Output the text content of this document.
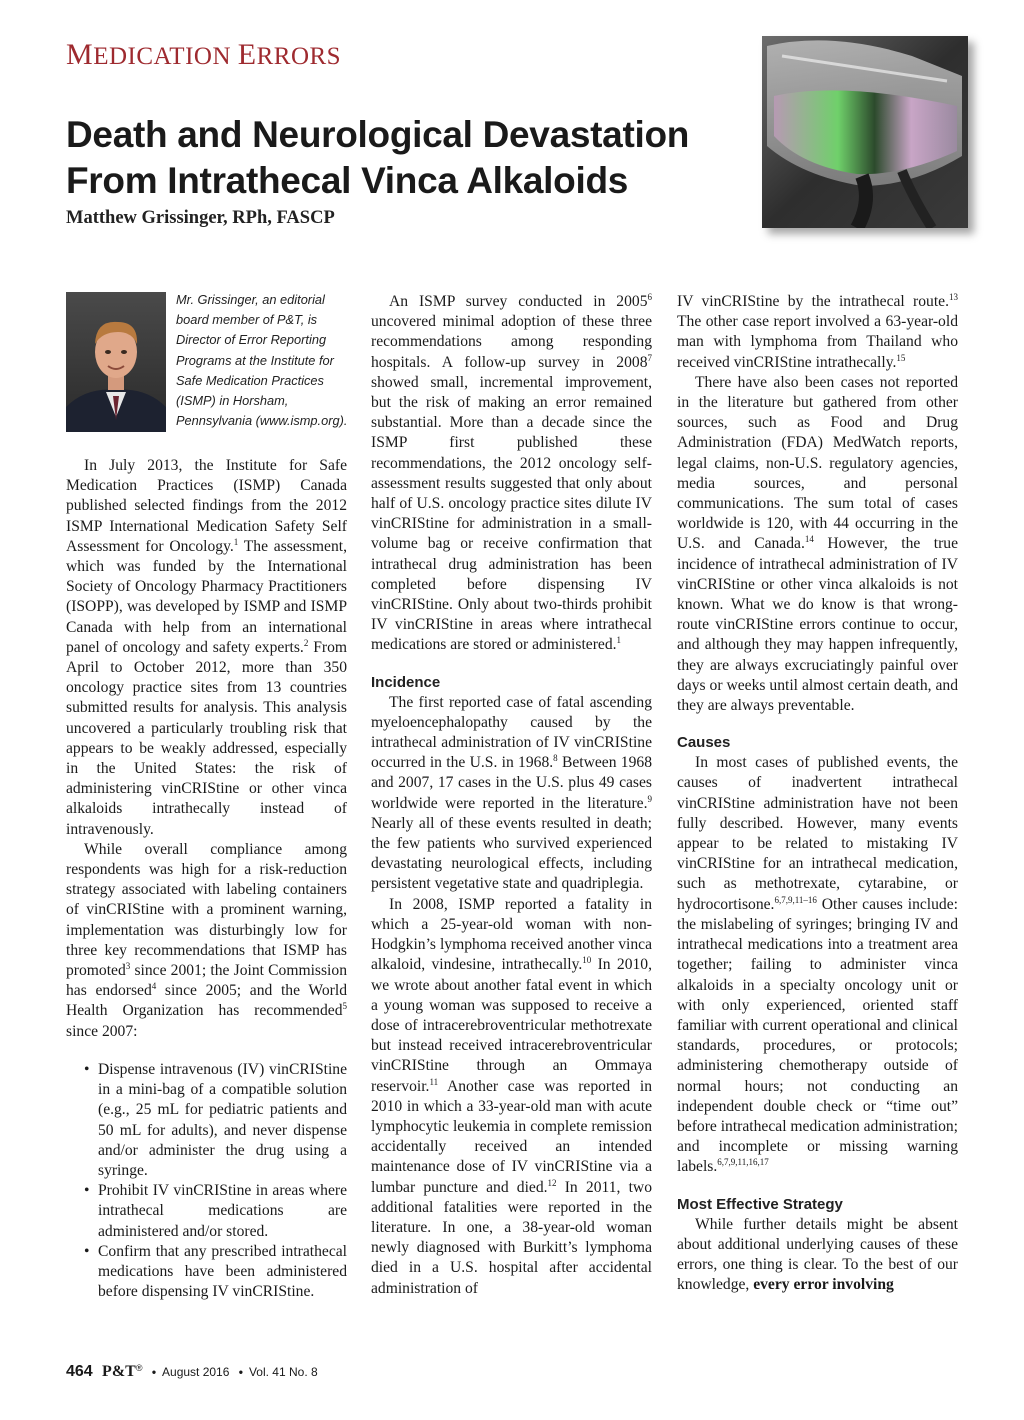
MEDICATION ERRORS
Death and Neurological Devastation
From Intrathecal Vinca Alkaloids
Matthew Grissinger, RPh, FASCP
Mr. Grissinger, an editorial board member of P&T, is Director of Error Reporting Programs at the Institute for Safe Medication Practices (ISMP) in Horsham, Pennsylvania (www.ismp.org).

In July 2013, the Institute for Safe Medication Practices (ISMP) Canada published selected findings from the 2012 ISMP International Medication Safety Self Assessment for Oncology.$^1$ The assessment, which was funded by the International Society of Oncology Pharmacy Practitioners (ISOPP), was developed by ISMP and ISMP Canada with help from an international panel of oncology and safety experts.$^2$ From April to October 2012, more than 350 oncology practice sites from 13 countries submitted results for analysis. This analysis uncovered a particularly troubling risk that appears to be weakly addressed, especially in the United States: the risk of administering vinCRIStine or other vinca alkaloids intrathecally instead of intravenously.

While overall compliance among respondents was high for a risk-reduction strategy associated with labeling containers of vinCRIStine with a prominent warning, implementation was disturbingly low for three key recommendations that ISMP has promoted$^3$ since 2001; the Joint Commission has endorsed$^4$ since 2005; and the World Health Organization has recommended$^5$ since 2007:

• Dispense intravenous (IV) vinCRIStine in a mini-bag of a compatible solution (e.g., 25 mL for pediatric patients and 50 mL for adults), and never dispense and/or administer the drug using a syringe.
• Prohibit IV vinCRIStine in areas where intrathecal medications are administered and/or stored.
• Confirm that any prescribed intrathecal medications have been administered before dispensing IV vinCRIStine.

An ISMP survey conducted in 2005$^6$ uncovered minimal adoption of these three recommendations among responding hospitals. A follow-up survey in 2008$^7$ showed small, incremental improvement, but the risk of making an error remained substantial. More than a decade since the ISMP first published these recommendations, the 2012 oncology self-assessment results suggested that only about half of U.S. oncology practice sites dilute IV vinCRIStine for administration in a small-volume bag or receive confirmation that intrathecal drug administration has been completed before dispensing IV vinCRIStine. Only about two-thirds prohibit IV vinCRIStine in areas where intrathecal medications are stored or administered.$^1$

Incidence

The first reported case of fatal ascending myeloencephalopathy caused by the intrathecal administration of IV vinCRIStine occurred in the U.S. in 1968.$^8$ Between 1968 and 2007, 17 cases in the U.S. plus 49 cases worldwide were reported in the literature.$^9$ Nearly all of these events resulted in death; the few patients who survived experienced devastating neurological effects, including persistent vegetative state and quadriplegia.

In 2008, ISMP reported a fatality in which a 25-year-old woman with non-Hodgkin’s lymphoma received another vinca alkaloid, vindesine, intrathecally.$^{10}$ In 2010, we wrote about another fatal event in which a young woman was supposed to receive a dose of intracerebroventricular methotrexate but instead received intracerebroventricular vinCRIStine through an Ommaya reservoir.$^{11}$ Another case was reported in 2010 in which a 33-year-old man with acute lymphocytic leukemia in complete remission accidentally received an intended maintenance dose of IV vinCRIStine via a lumbar puncture and died.$^{12}$ In 2011, two additional fatalities were reported in the literature. In one, a 38-year-old woman newly diagnosed with Burkitt’s lymphoma died in a U.S. hospital after accidental administration of

IV vinCRIStine by the intrathecal route.$^{13}$ The other case report involved a 63-year-old man with lymphoma from Thailand who received vinCRIStine intrathecally.$^{15}$

There have also been cases not reported in the literature but gathered from other sources, such as Food and Drug Administration (FDA) MedWatch reports, legal claims, non-U.S. regulatory agencies, media sources, and personal communications. The sum total of cases worldwide is 120, with 44 occurring in the U.S. and Canada.$^{14}$ However, the true incidence of intrathecal administration of IV vinCRIStine or other vinca alkaloids is not known. What we do know is that wrong-route vinCRIStine errors continue to occur, and although they may happen infrequently, they are always excruciatingly painful over days or weeks until almost certain death, and they are always preventable.

Causes

In most cases of published events, the causes of inadvertent intrathecal vinCRIStine administration have not been fully described. However, many events appear to be related to mistaking IV vinCRIStine for an intrathecal medication, such as methotrexate, cytarabine, or hydrocortisone.$^{6,7,9,11-16}$ Other causes include: the mislabeling of syringes; bringing IV and intrathecal medications into a treatment area together; failing to administer vinca alkaloids in a specialty oncology unit or with only experienced, oriented staff familiar with current operational and clinical standards, procedures, or protocols; administering chemotherapy outside of normal hours; not conducting an independent double check or “time out” before intrathecal medication administration; and incomplete or missing warning labels.$^{6,7,9,11,16,17}$

Most Effective Strategy

While further details might be absent about additional underlying causes of these errors, one thing is clear. To the best of our knowledge, every error involving

464 P&T® • August 2016 • Vol. 41 No. 8
